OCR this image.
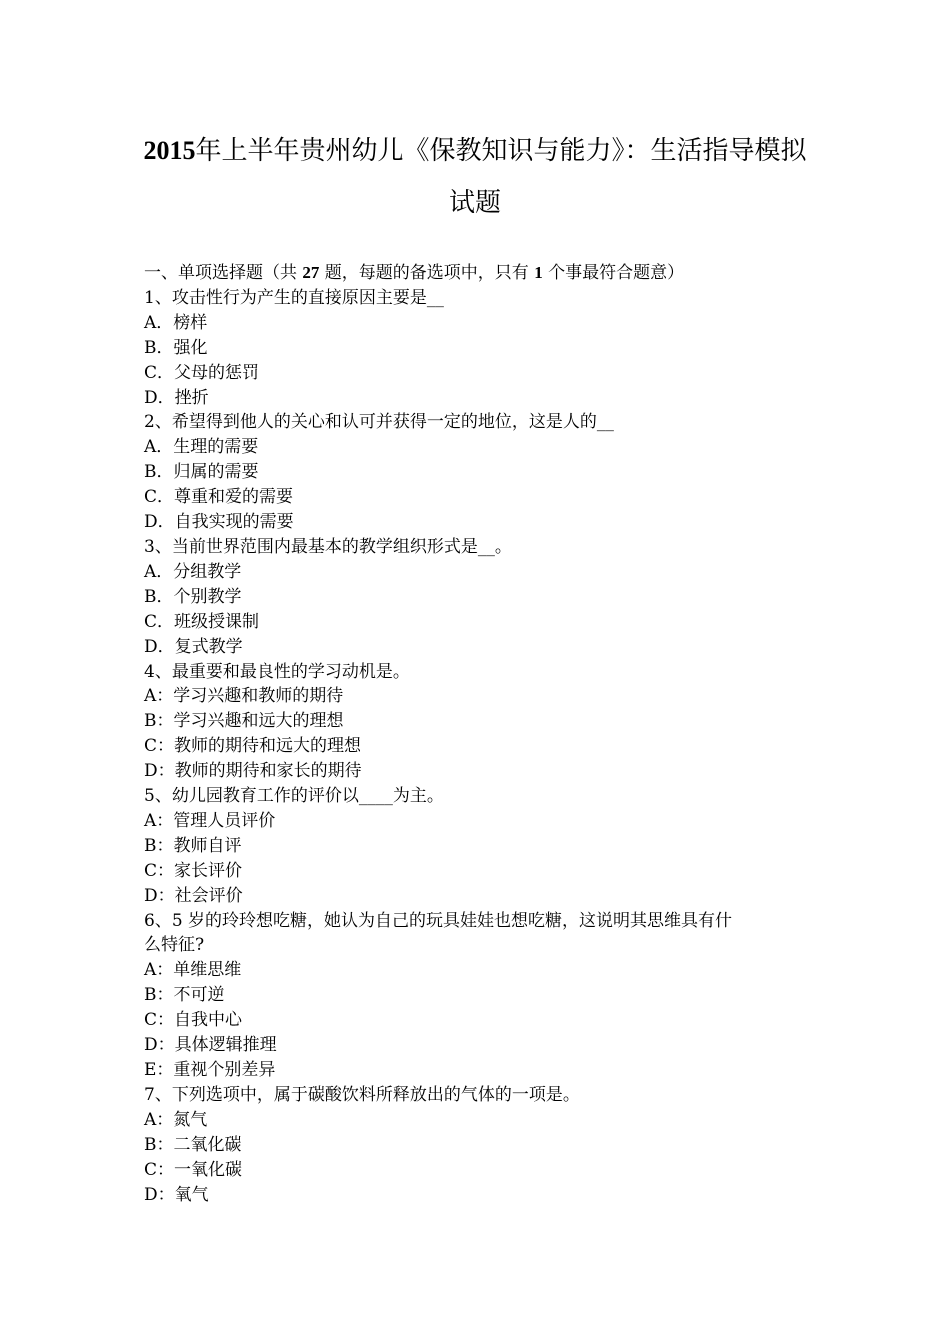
2015年上半年贵州幼儿《保教知识与能力》：生活指导模拟
试题

一、单项选择题（共 27 题，每题的备选项中，只有 1 个事最符合题意）

1、攻击性行为产生的直接原因主要是__

A．榜样

B．强化

C．父母的惩罚

D．挫折

2、希望得到他人的关心和认可并获得一定的地位，这是人的__

A．生理的需要

B．归属的需要

C．尊重和爱的需要

D．自我实现的需要

3、当前世界范围内最基本的教学组织形式是__。

A．分组教学

B．个别教学

C．班级授课制

D．复式教学

4、最重要和最良性的学习动机是。

A：学习兴趣和教师的期待

B：学习兴趣和远大的理想

C：教师的期待和远大的理想

D：教师的期待和家长的期待

5、幼儿园教育工作的评价以____为主。

A：管理人员评价

B：教师自评

C：家长评价

D：社会评价

6、5 岁的玲玲想吃糖，她认为自己的玩具娃娃也想吃糖，这说明其思维具有什

么特征?

A：单维思维

B：不可逆

C：自我中心

D：具体逻辑推理

E：重视个别差异

7、下列选项中，属于碳酸饮料所释放出的气体的一项是。

A：氮气

B：二氧化碳

C：一氧化碳

D：氧气
